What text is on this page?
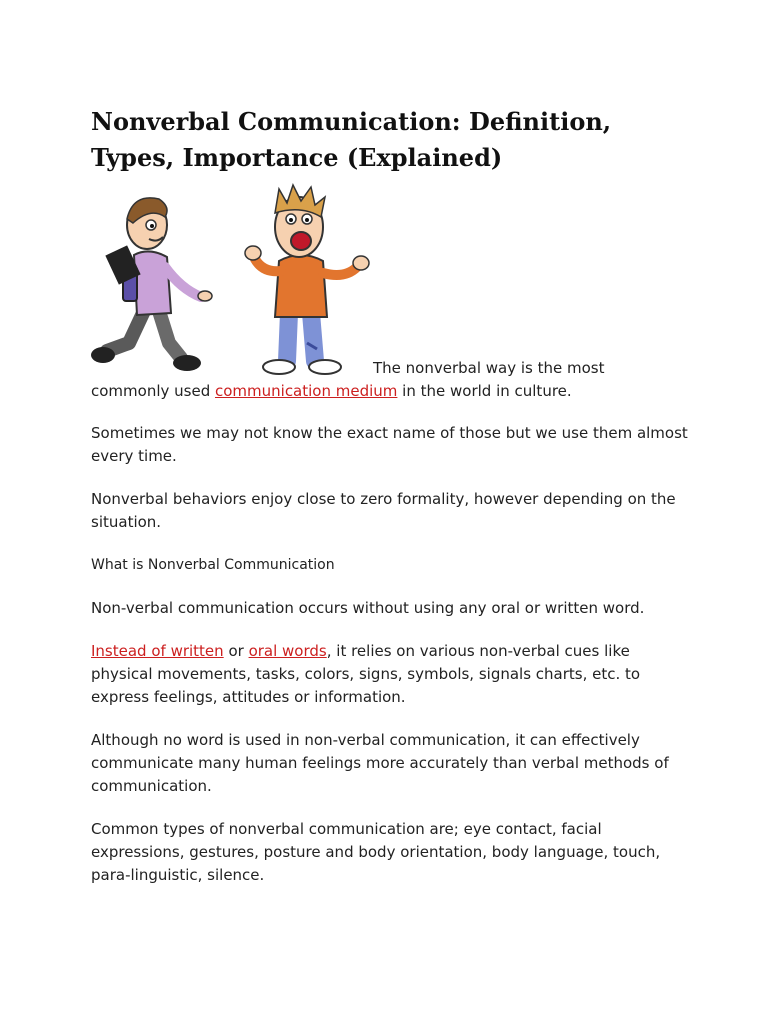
Nonverbal Communication: Definition, Types, Importance (Explained)

The nonverbal way is the most
commonly used communication medium in the world in culture.

Sometimes we may not know the exact name of those but we use them almost every time.

Nonverbal behaviors enjoy close to zero formality, however depending on the situation.

What is Nonverbal Communication

Non-verbal communication occurs without using any oral or written word.

Instead of written or oral words, it relies on various non-verbal cues like physical movements, tasks, colors, signs, symbols, signals charts, etc. to express feelings, attitudes or information.

Although no word is used in non-verbal communication, it can effectively communicate many human feelings more accurately than verbal methods of communication.

Common types of nonverbal communication are; eye contact, facial expressions, gestures, posture and body orientation, body language, touch, para-linguistic, silence.
